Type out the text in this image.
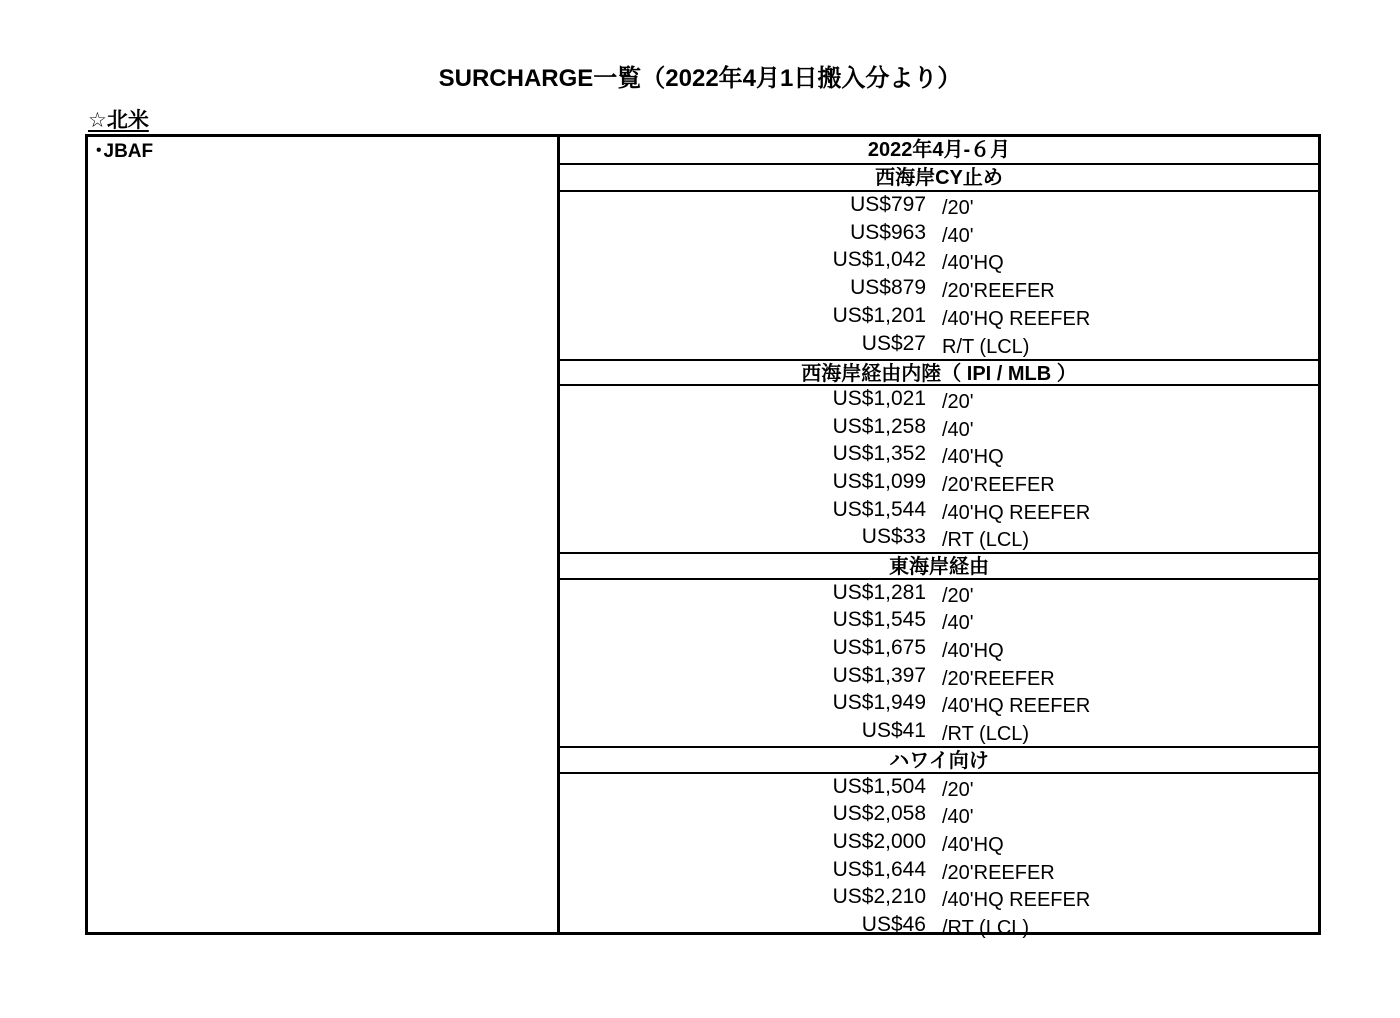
SURCHARGE一覧（2022年4月1日搬入分より）
☆北米
･JBAF	2022年4月-６月
西海岸CY止め
US$797 /20'
US$963 /40'
US$1,042 /40'HQ
US$879 /20'REEFER
US$1,201 /40'HQ REEFER
US$27 R/T (LCL)
西海岸経由内陸（ IPI / MLB ）
US$1,021 /20'
US$1,258 /40'
US$1,352 /40'HQ
US$1,099 /20'REEFER
US$1,544 /40'HQ REEFER
US$33 /RT (LCL)
東海岸経由
US$1,281 /20'
US$1,545 /40'
US$1,675 /40'HQ
US$1,397 /20'REEFER
US$1,949 /40'HQ REEFER
US$41 /RT (LCL)
ハワイ向け
US$1,504 /20'
US$2,058 /40'
US$2,000 /40'HQ
US$1,644 /20'REEFER
US$2,210 /40'HQ REEFER
US$46 /RT (LCL)
